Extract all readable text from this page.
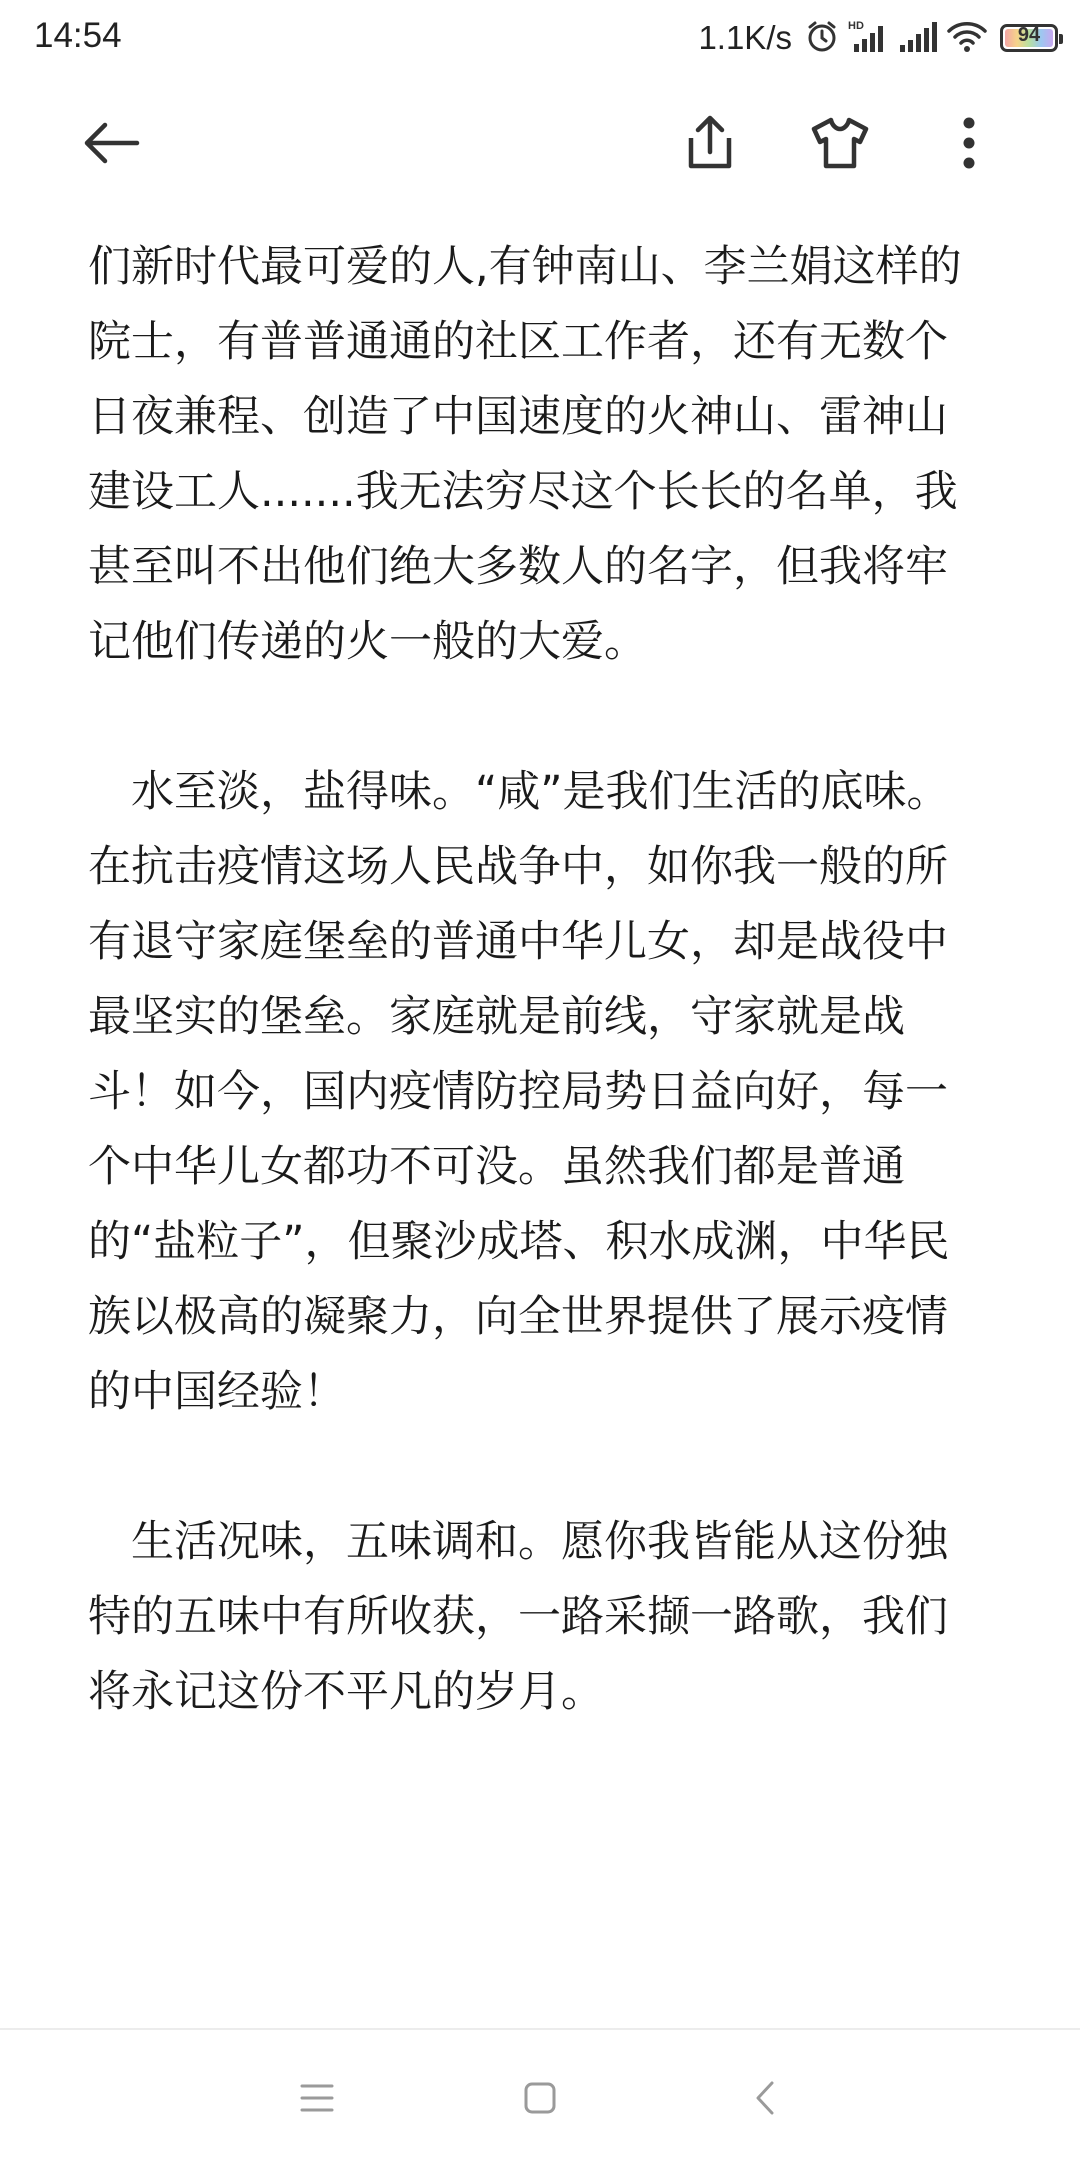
14:54	1.1K/s	HD	94

们新时代最可爱的人,有钟南山、李兰娟这样的院士，有普普通通的社区工作者，还有无数个日夜兼程、创造了中国速度的火神山、雷神山建设工人.......我无法穷尽这个长长的名单，我甚至叫不出他们绝大多数人的名字，但我将牢记他们传递的火一般的大爱。

　水至淡，盐得味。“咸”是我们生活的底味。在抗击疫情这场人民战争中，如你我一般的所有退守家庭堡垒的普通中华儿女，却是战役中最坚实的堡垒。家庭就是前线，守家就是战斗！如今，国内疫情防控局势日益向好，每一个中华儿女都功不可没。虽然我们都是普通的“盐粒子”，但聚沙成塔、积水成渊，中华民族以极高的凝聚力，向全世界提供了展示疫情的中国经验！

　生活况味，五味调和。愿你我皆能从这份独特的五味中有所收获，一路采撷一路歌，我们将永记这份不平凡的岁月。
